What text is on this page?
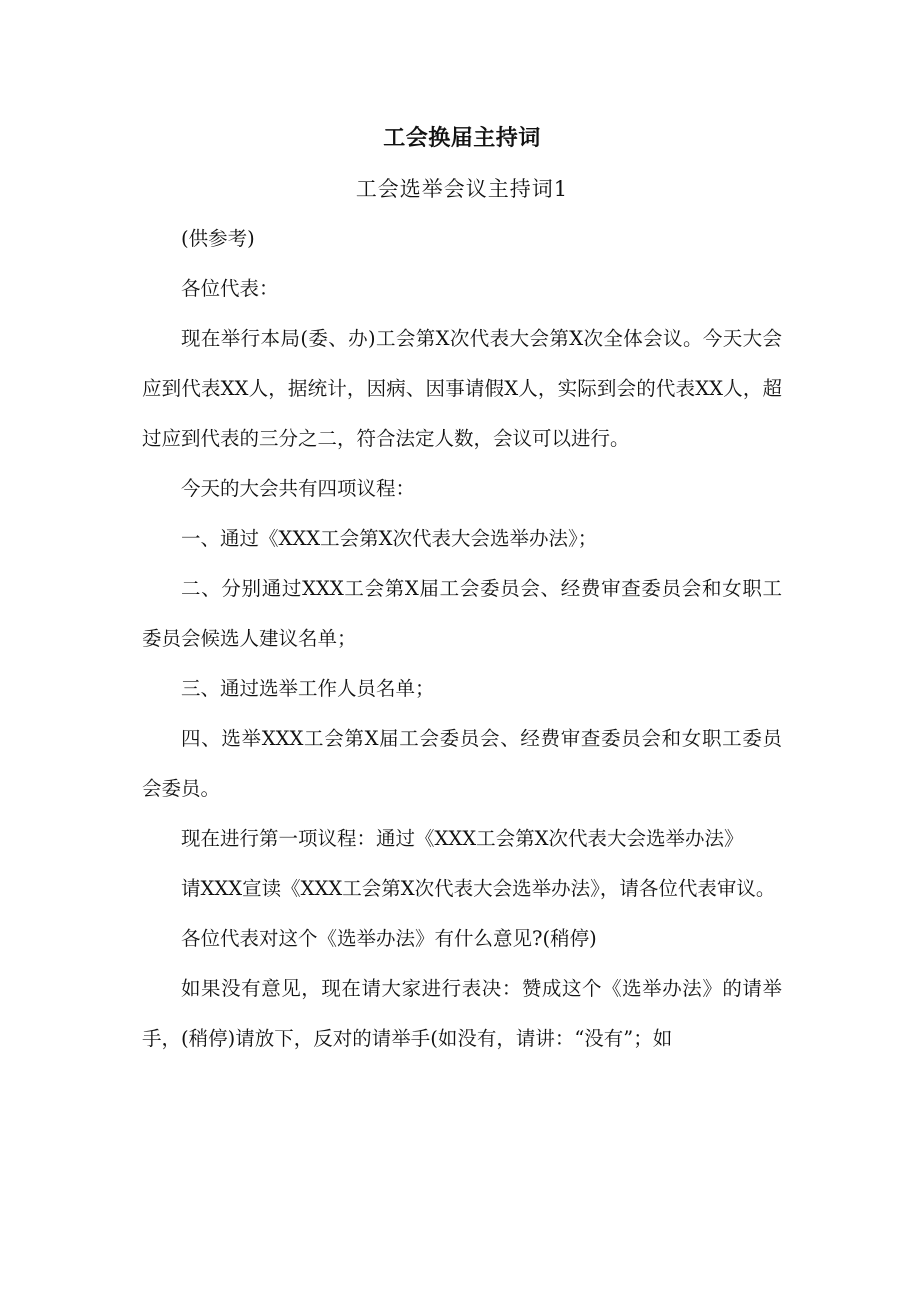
工会换届主持词
工会选举会议主持词1

(供参考)

各位代表：

现在举行本局(委、办)工会第X次代表大会第X次全体会议。今天大会应到代表XX人，据统计，因病、因事请假X人，实际到会的代表XX人，超过应到代表的三分之二，符合法定人数，会议可以进行。

今天的大会共有四项议程：

一、通过《XXX工会第X次代表大会选举办法》；

二、分别通过XXX工会第X届工会委员会、经费审查委员会和女职工委员会候选人建议名单；

三、通过选举工作人员名单；

四、选举XXX工会第X届工会委员会、经费审查委员会和女职工委员会委员。

现在进行第一项议程：通过《XXX工会第X次代表大会选举办法》

请XXX宣读《XXX工会第X次代表大会选举办法》，请各位代表审议。

各位代表对这个《选举办法》有什么意见?(稍停)

如果没有意见，现在请大家进行表决：赞成这个《选举办法》的请举手，(稍停)请放下，反对的请举手(如没有，请讲：“没有”；如
